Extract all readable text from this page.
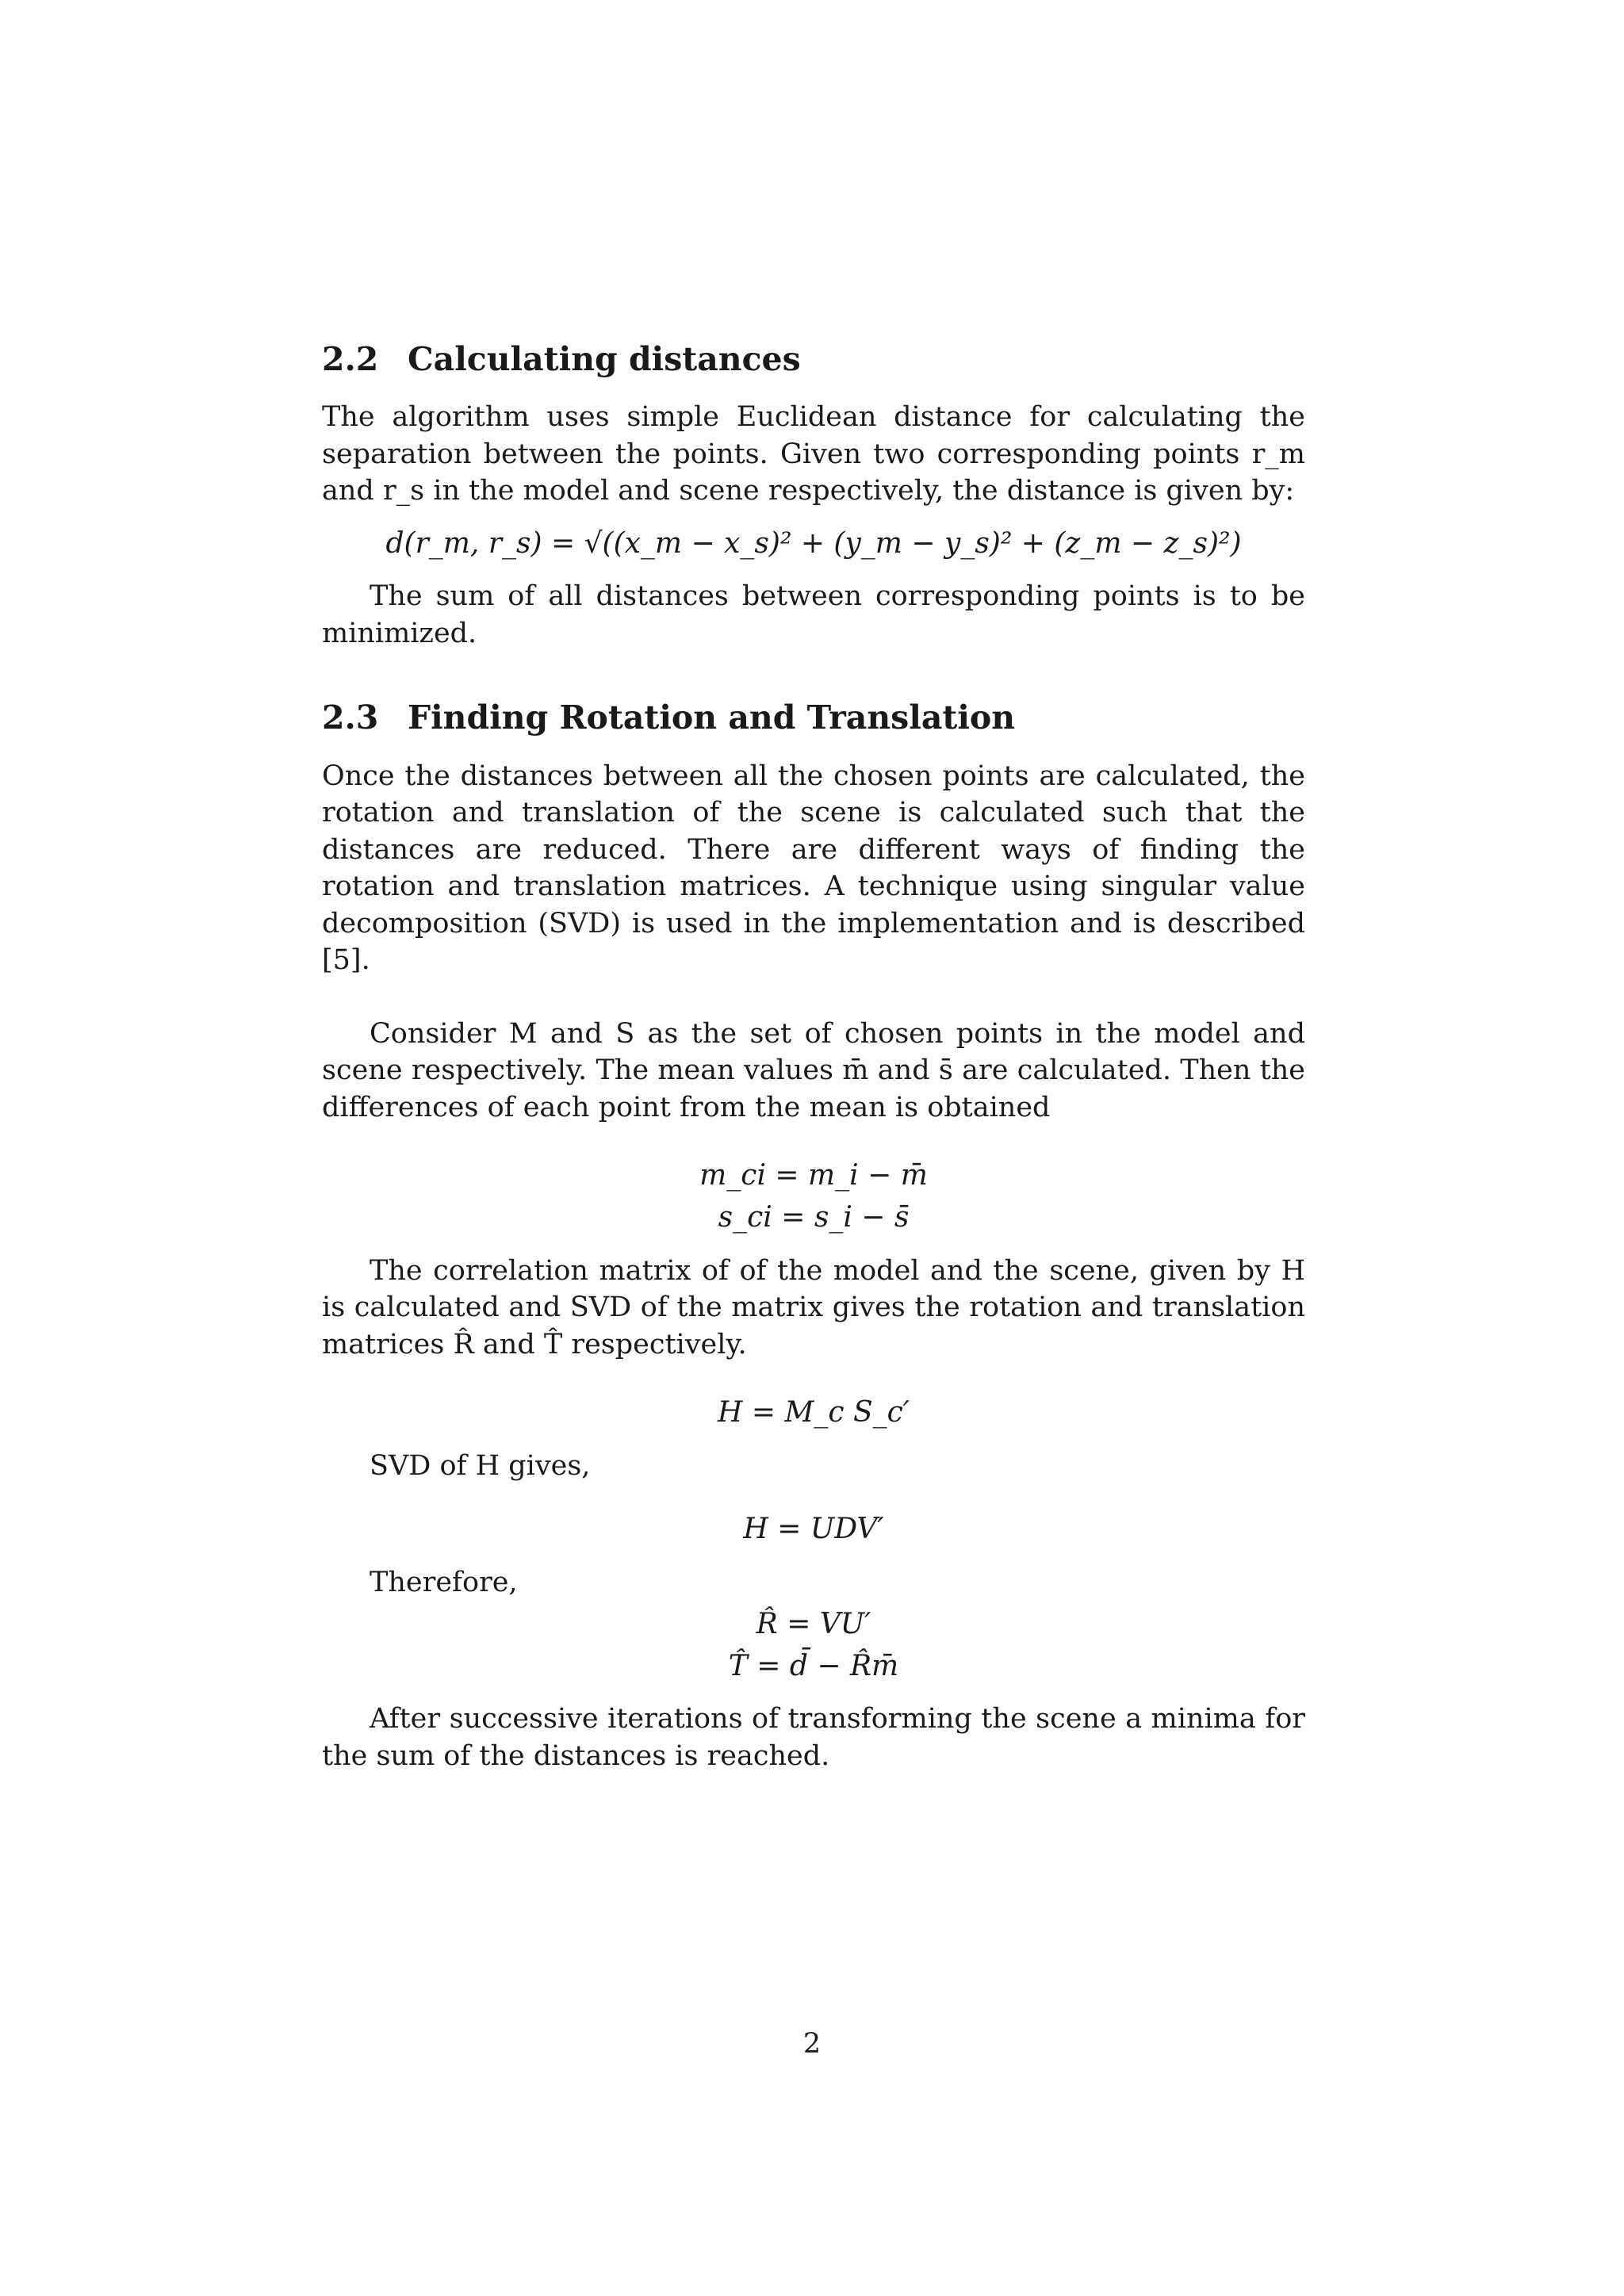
2.2 Calculating distances

The algorithm uses simple Euclidean distance for calculating the separation between the points. Given two corresponding points r_m and r_s in the model and scene respectively, the distance is given by:

d(r_m, r_s) = √((x_m − x_s)² + (y_m − y_s)² + (z_m − z_s)²)

The sum of all distances between corresponding points is to be minimized.

2.3 Finding Rotation and Translation

Once the distances between all the chosen points are calculated, the rotation and translation of the scene is calculated such that the distances are reduced. There are different ways of finding the rotation and translation matrices. A technique using singular value decomposition (SVD) is used in the implementation and is described [5].

Consider M and S as the set of chosen points in the model and scene respectively. The mean values m̄ and s̄ are calculated. Then the differences of each point from the mean is obtained

m_ci = m_i − m̄
s_ci = s_i − s̄

The correlation matrix of of the model and the scene, given by H is calculated and SVD of the matrix gives the rotation and translation matrices R̂ and T̂ respectively.

H = M_c S_c′

SVD of H gives,

H = UDV′

Therefore,

R̂ = VU′
T̂ = d̄ − R̂m̄

After successive iterations of transforming the scene a minima for the sum of the distances is reached.

2
